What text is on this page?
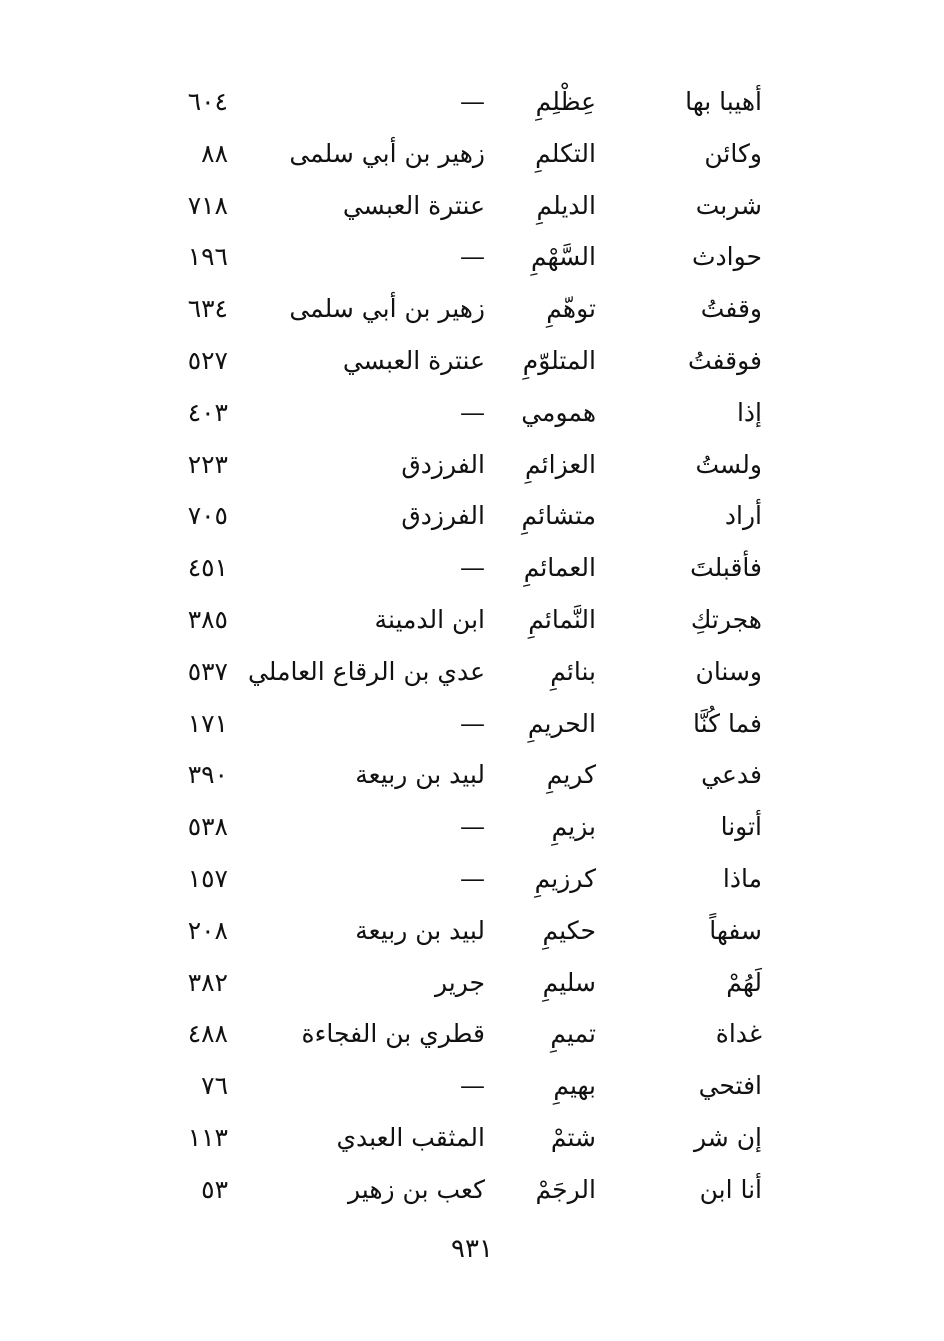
أهيبا بها
عِظْلِمِ
—
٦٠٤
وكائن
التكلمِ
زهير بن أبي سلمى
٨٨
شربت
الديلمِ
عنترة العبسي
٧١٨
حوادث
السَّهْمِ
—
١٩٦
وقفتُ
توهّمِ
زهير بن أبي سلمى
٦٣٤
فوقفتُ
المتلوّمِ
عنترة العبسي
٥٢٧
إذا
همومي
—
٤٠٣
ولستُ
العزائمِ
الفرزدق
٢٢٣
أراد
متشائمِ
الفرزدق
٧٠٥
فأقبلتَ
العمائمِ
—
٤٥١
هجرتكِ
النَّمائمِ
ابن الدمينة
٣٨٥
وسنان
بنائمِ
عدي بن الرقاع العاملي
٥٣٧
فما كُنَّا
الحريمِ
—
١٧١
فدعي
كريمِ
لبيد بن ربيعة
٣٩٠
أتونا
بزيمِ
—
٥٣٨
ماذا
كرزيمِ
—
١٥٧
سفهاً
حكيمِ
لبيد بن ربيعة
٢٠٨
لَهُمْ
سليمِ
جرير
٣٨٢
غداة
تميمِ
قطري بن الفجاءة
٤٨٨
افتحي
بهيمِ
—
٧٦
إن شر
شتمْ
المثقب العبدي
١١٣
أنا ابن
الرجَمْ
كعب بن زهير
٥٣
٩٣١
